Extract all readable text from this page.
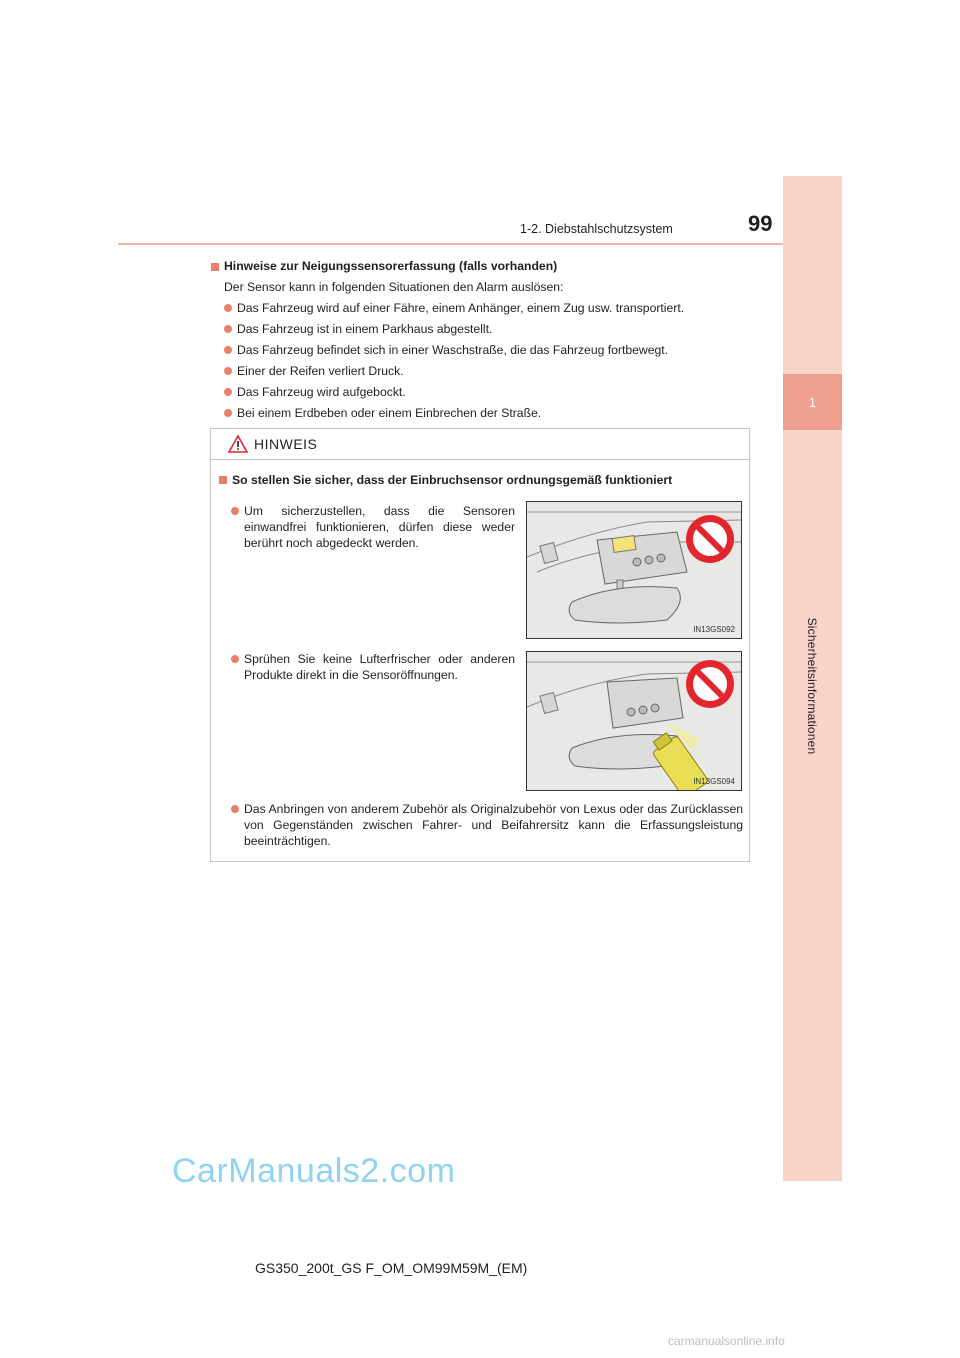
1
Sicherheitsinformationen
1-2. Diebstahlschutzsystem	99
Hinweise zur Neigungssensorerfassung (falls vorhanden)
Der Sensor kann in folgenden Situationen den Alarm auslösen:
Das Fahrzeug wird auf einer Fähre, einem Anhänger, einem Zug usw. transportiert.
Das Fahrzeug ist in einem Parkhaus abgestellt.
Das Fahrzeug befindet sich in einer Waschstraße, die das Fahrzeug fortbewegt.
Einer der Reifen verliert Druck.
Das Fahrzeug wird aufgebockt.
Bei einem Erdbeben oder einem Einbrechen der Straße.
HINWEIS
So stellen Sie sicher, dass der Einbruchsensor ordnungsgemäß funktioniert
Um sicherzustellen, dass die Sensoren einwandfrei funktionieren, dürfen diese weder berührt noch abgedeckt werden.
Sprühen Sie keine Lufterfrischer oder anderen Produkte direkt in die Sensoröffnungen.
Das Anbringen von anderem Zubehör als Originalzubehör von Lexus oder das Zurücklassen von Gegenständen zwischen Fahrer- und Beifahrersitz kann die Erfassungsleistung beeinträchtigen.
IN13GS092
IN13GS094
CarManuals2.com
GS350_200t_GS F_OM_OM99M59M_(EM)
carmanualsonline.info
